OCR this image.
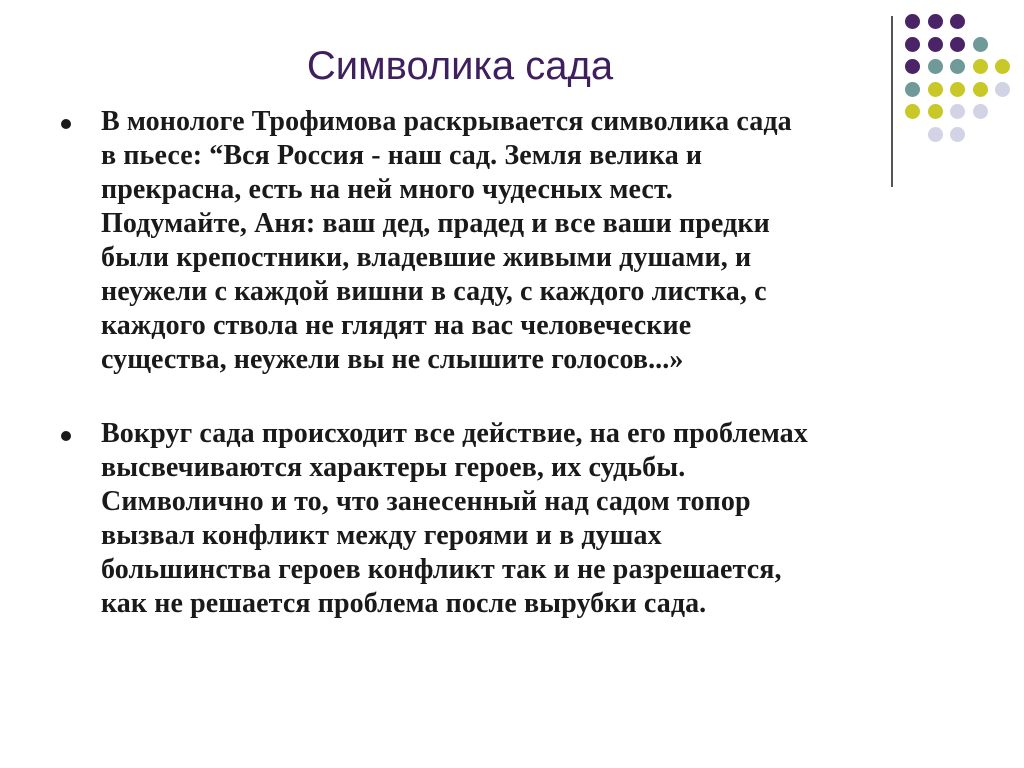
Символика сада
В монологе Трофимова раскрывается символика сада
в пьесе: “Вся Россия - наш сад. Земля велика и
прекрасна, есть на ней много чудесных мест.
Подумайте, Аня: ваш дед, прадед и все ваши предки
были крепостники, владевшие живыми душами, и
неужели с каждой вишни в саду, с каждого листка, с
каждого ствола не глядят на вас человеческие
существа, неужели вы не слышите голосов...»
Вокруг сада происходит все действие, на его проблемах
высвечиваются характеры героев, их судьбы.
Символично и то, что занесенный над садом топор
вызвал конфликт между героями и в душах
большинства героев конфликт так и не разрешается,
как не решается проблема после вырубки сада.
